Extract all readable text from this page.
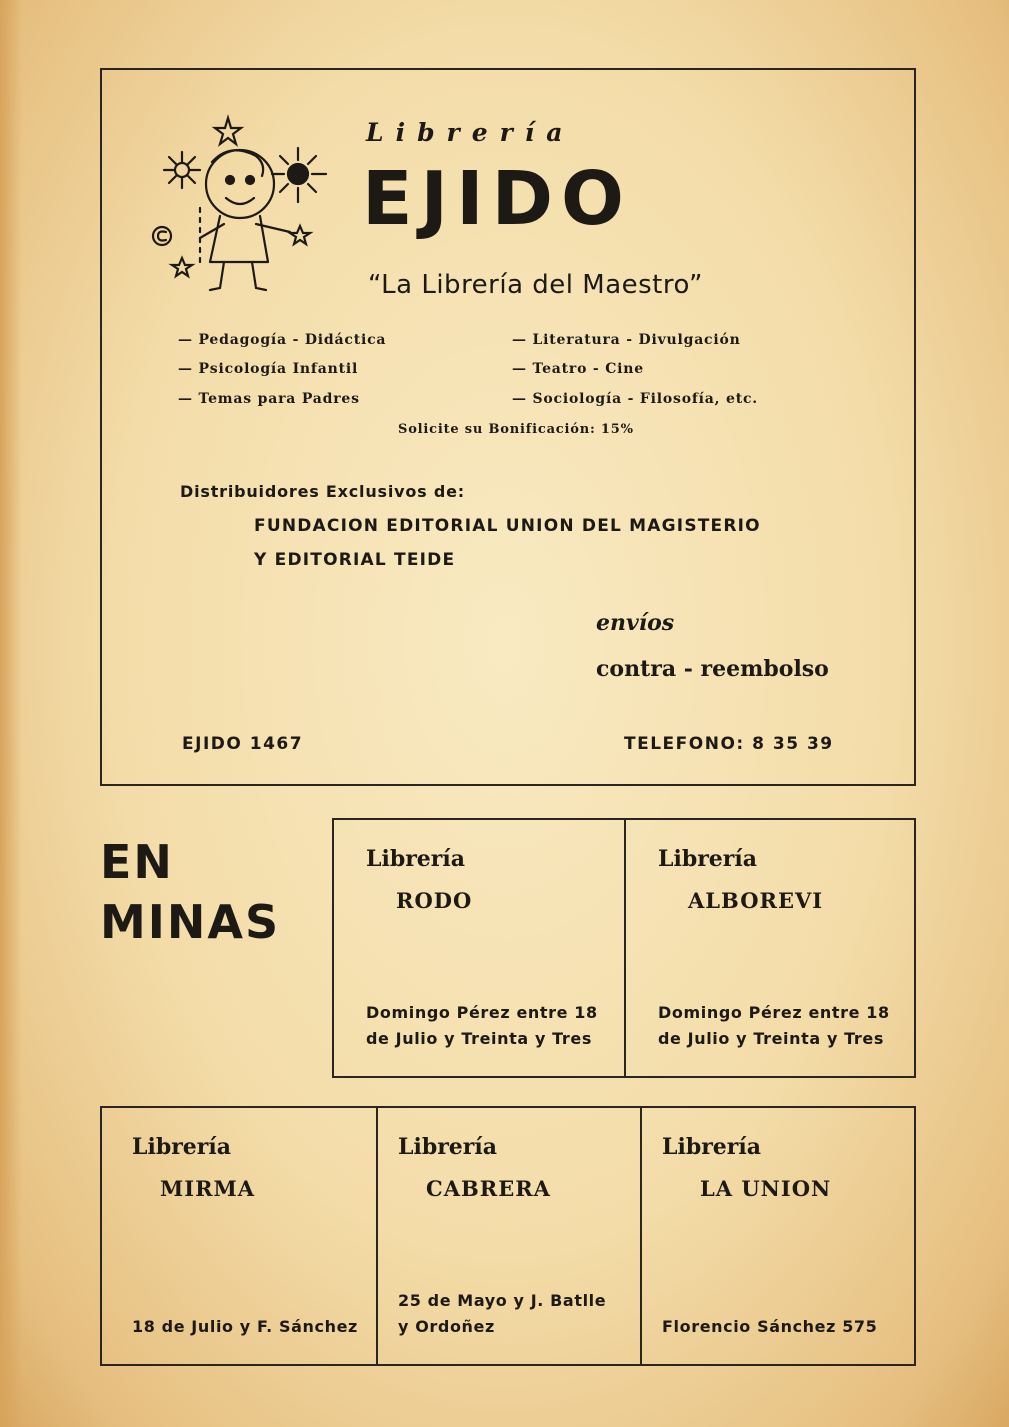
Librería
EJIDO
“La Librería del Maestro”
— Pedagogía - Didáctica
— Psicología Infantil
— Temas para Padres
— Literatura - Divulgación
— Teatro - Cine
— Sociología - Filosofía, etc.
Solicite su Bonificación: 15%
Distribuidores Exclusivos de:
FUNDACION EDITORIAL UNION DEL MAGISTERIO
Y EDITORIAL TEIDE
envíos
contra - reembolso
EJIDO 1467	TELEFONO: 8 35 39
EN
MINAS
Librería
RODO
Domingo Pérez entre 18
de Julio y Treinta y Tres
Librería
ALBOREVI
Domingo Pérez entre 18
de Julio y Treinta y Tres
Librería
MIRMA
18 de Julio y F. Sánchez
Librería
CABRERA
25 de Mayo y J. Batlle
y Ordoñez
Librería
LA UNION
Florencio Sánchez 575
